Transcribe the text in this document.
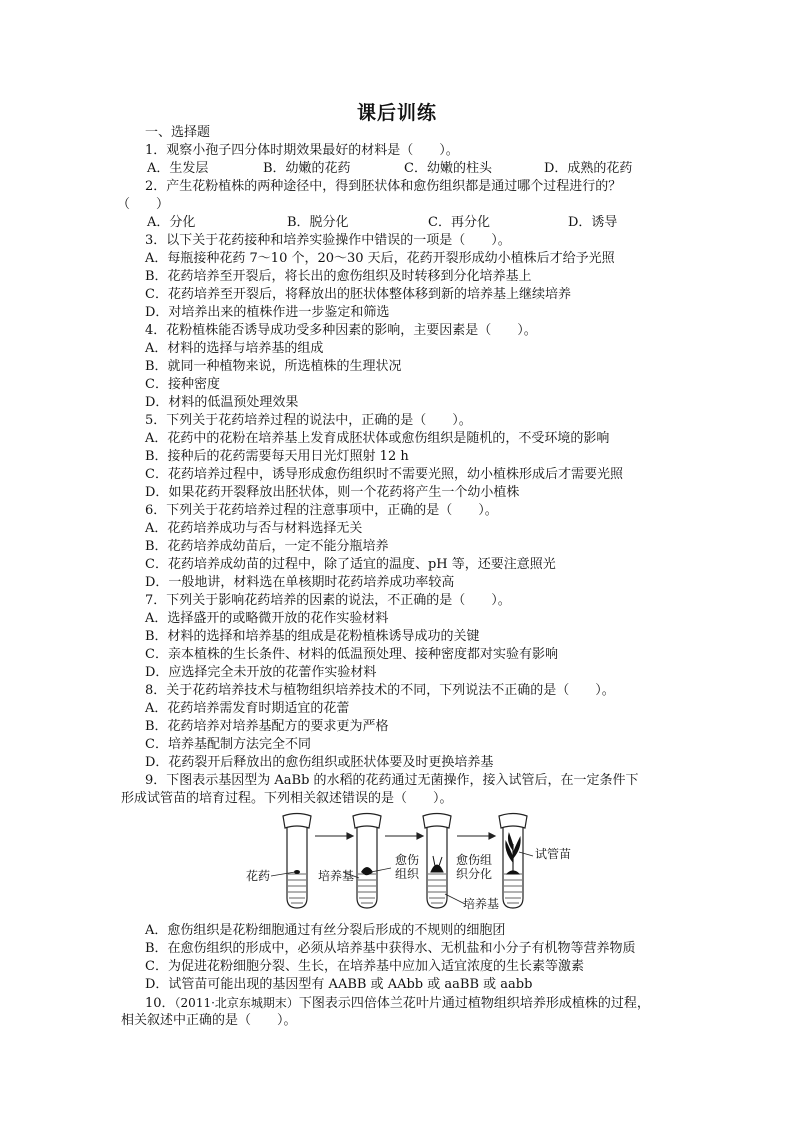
课后训练
一、选择题
1．观察小孢子四分体时期效果最好的材料是（　　）。
A．生发层	B．幼嫩的花药	C．幼嫩的柱头	D．成熟的花药
2．产生花粉植株的两种途径中，得到胚状体和愈伤组织都是通过哪个过程进行的？
（　　）
A．分化	B．脱分化	C．再分化	D．诱导
3．以下关于花药接种和培养实验操作中错误的一项是（　　）。
A．每瓶接种花药 7～10 个，20～30 天后，花药开裂形成幼小植株后才给予光照
B．花药培养至开裂后，将长出的愈伤组织及时转移到分化培养基上
C．花药培养至开裂后，将释放出的胚状体整体移到新的培养基上继续培养
D．对培养出来的植株作进一步鉴定和筛选
4．花粉植株能否诱导成功受多种因素的影响，主要因素是（　　）。
A．材料的选择与培养基的组成
B．就同一种植物来说，所选植株的生理状况
C．接种密度
D．材料的低温预处理效果
5．下列关于花药培养过程的说法中，正确的是（　　）。
A．花药中的花粉在培养基上发育成胚状体或愈伤组织是随机的，不受环境的影响
B．接种后的花药需要每天用日光灯照射 12 h
C．花药培养过程中，诱导形成愈伤组织时不需要光照，幼小植株形成后才需要光照
D．如果花药开裂释放出胚状体，则一个花药将产生一个幼小植株
6．下列关于花药培养过程的注意事项中，正确的是（　　）。
A．花药培养成功与否与材料选择无关
B．花药培养成幼苗后，一定不能分瓶培养
C．花药培养成幼苗的过程中，除了适宜的温度、pH 等，还要注意照光
D．一般地讲，材料选在单核期时花药培养成功率较高
7．下列关于影响花药培养的因素的说法，不正确的是（　　）。
A．选择盛开的或略微开放的花作实验材料
B．材料的选择和培养基的组成是花粉植株诱导成功的关键
C．亲本植株的生长条件、材料的低温预处理、接种密度都对实验有影响
D．应选择完全未开放的花蕾作实验材料
8．关于花药培养技术与植物组织培养技术的不同，下列说法不正确的是（　　）。
A．花药培养需发育时期适宜的花蕾
B．花药培养对培养基配方的要求更为严格
C．培养基配制方法完全不同
D．花药裂开后释放出的愈伤组织或胚状体要及时更换培养基
9．下图表示基因型为 AaBb 的水稻的花药通过无菌操作，接入试管后，在一定条件下
形成试管苗的培育过程。下列相关叙述错误的是（　　）。
花药	培养基
愈伤
组织
愈伤组
织分化
培养基
试管苗
A．愈伤组织是花粉细胞通过有丝分裂后形成的不规则的细胞团
B．在愈伤组织的形成中，必须从培养基中获得水、无机盐和小分子有机物等营养物质
C．为促进花粉细胞分裂、生长，在培养基中应加入适宜浓度的生长素等激素
D．试管苗可能出现的基因型有 AABB 或 AAbb 或 aaBB 或 aabb
10．（2011·北京东城期末）下图表示四倍体兰花叶片通过植物组织培养形成植株的过程，
相关叙述中正确的是（　　）。
